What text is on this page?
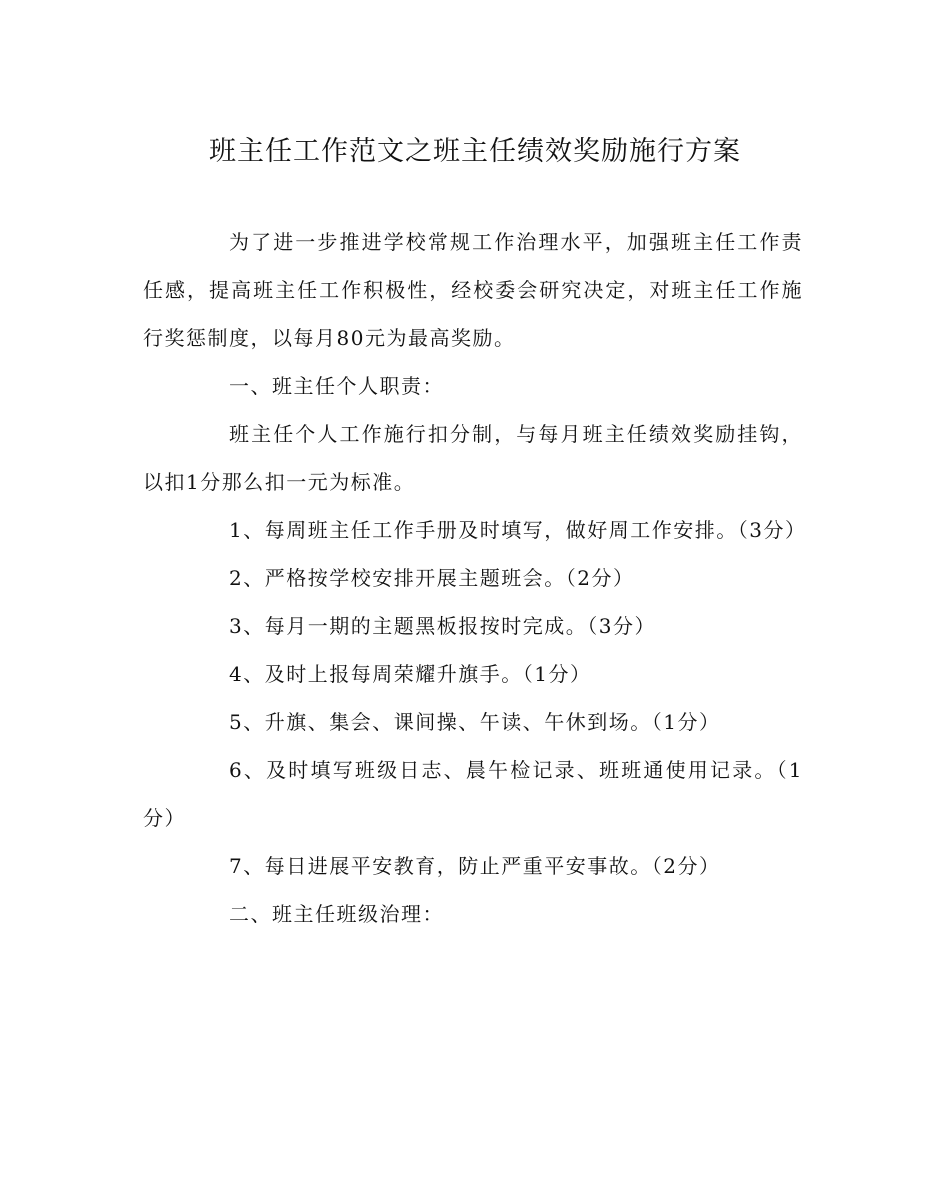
班主任工作范文之班主任绩效奖励施行方案

为了进一步推进学校常规工作治理水平，加强班主任工作责任感，提高班主任工作积极性，经校委会研究决定，对班主任工作施行奖惩制度，以每月80元为最高奖励。

一、班主任个人职责：

班主任个人工作施行扣分制，与每月班主任绩效奖励挂钩，以扣1分那么扣一元为标准。

1、每周班主任工作手册及时填写，做好周工作安排。（3分）

2、严格按学校安排开展主题班会。（2分）

3、每月一期的主题黑板报按时完成。（3分）

4、及时上报每周荣耀升旗手。（1分）

5、升旗、集会、课间操、午读、午休到场。（1分）

6、及时填写班级日志、晨午检记录、班班通使用记录。（1分）

7、每日进展平安教育，防止严重平安事故。（2分）

二、班主任班级治理：
